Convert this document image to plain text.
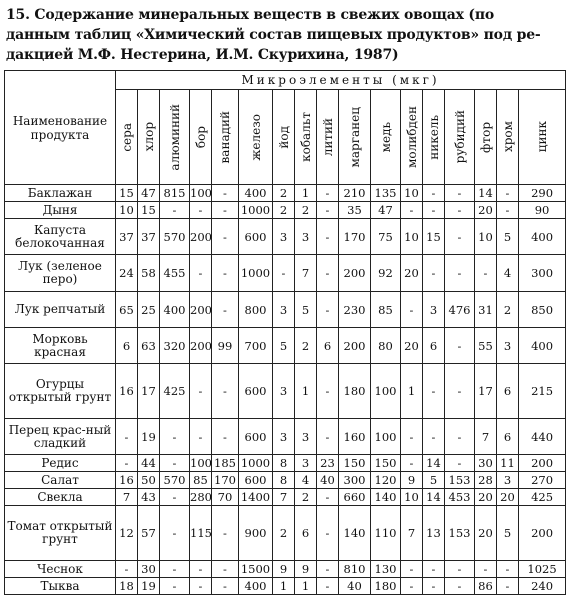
15. Содержание минеральных веществ в свежих овощах (по
данным таблиц «Химический состав пищевых продуктов» под ре-
дакцией М.Ф. Нестерина, И.М. Скурихина, 1987)
Наименование продукта	Микроэлементы (мкг)																

	сера	хлор	алюминий	бор	ванадий	железо	йод	кобальт	литий	марганец	медь	молибден	никель	рубидий	фтор	хром	цинк

Баклажан	15	47	815	100	-	400	2	1	-	210	135	10	-	-	14	-	290
Дыня	10	15	-	-	-	1000	2	2	-	35	47	-	-	-	20	-	90
Капуста белокочанная	37	37	570	200	-	600	3	3	-	170	75	10	15	-	10	5	400
Лук (зеленое перо)	24	58	455	-	-	1000	-	7	-	200	92	20	-	-	-	4	300
Лук репчатый	65	25	400	200	-	800	3	5	-	230	85	-	3	476	31	2	850
Морковь красная	6	63	320	200	99	700	5	2	6	200	80	20	6	-	55	3	400
Огурцы открытый грунт	16	17	425	-	-	600	3	1	-	180	100	1	-	-	17	6	215
Перец крас-ный сладкий	-	19	-	-	-	600	3	3	-	160	100	-	-	-	7	6	440
Редис	-	44	-	100	185	1000	8	3	23	150	150	-	14	-	30	11	200
Салат	16	50	570	85	170	600	8	4	40	300	120	9	5	153	28	3	270
Свекла	7	43	-	280	70	1400	7	2	-	660	140	10	14	453	20	20	425
Томат открытый грунт	12	57	-	115	-	900	2	6	-	140	110	7	13	153	20	5	200
Чеснок	-	30	-	-	-	1500	9	9	-	810	130	-	-	-	-	-	1025
Тыква	18	19	-	-	-	400	1	1	-	40	180	-	-	-	86	-	240
